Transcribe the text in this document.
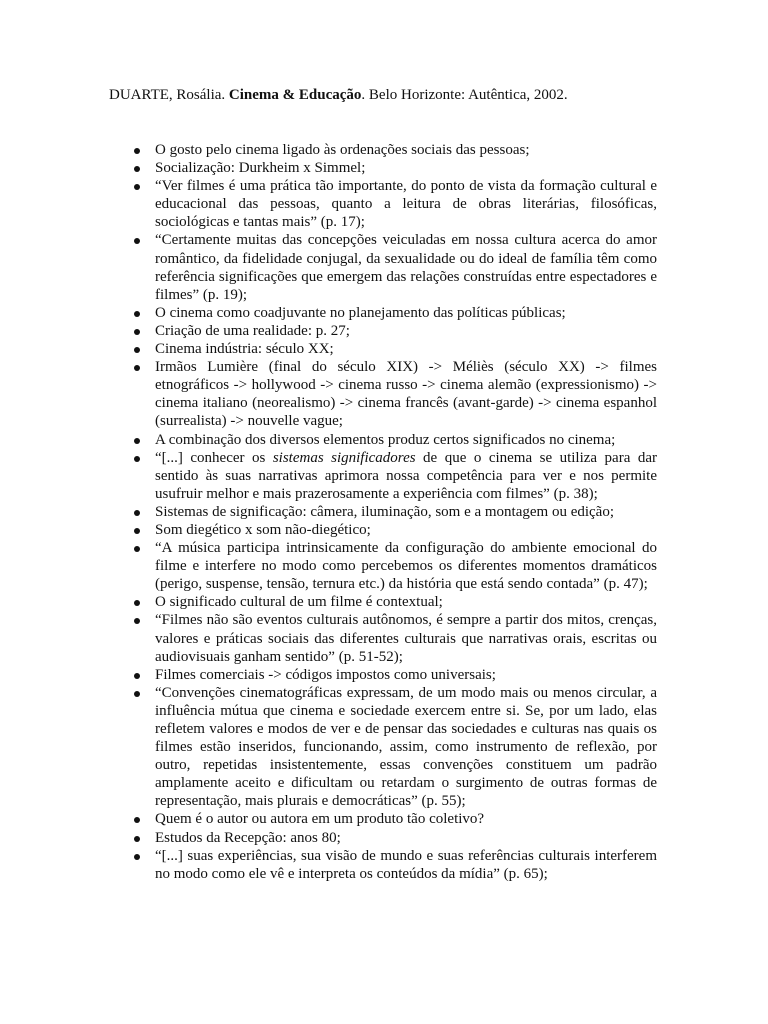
DUARTE, Rosália. Cinema & Educação. Belo Horizonte: Autêntica, 2002.
O gosto pelo cinema ligado às ordenações sociais das pessoas;
Socialização: Durkheim x Simmel;
“Ver filmes é uma prática tão importante, do ponto de vista da formação cultural e educacional das pessoas, quanto a leitura de obras literárias, filosóficas, sociológicas e tantas mais” (p. 17);
“Certamente muitas das concepções veiculadas em nossa cultura acerca do amor romântico, da fidelidade conjugal, da sexualidade ou do ideal de família têm como referência significações que emergem das relações construídas entre espectadores e filmes” (p. 19);
O cinema como coadjuvante no planejamento das políticas públicas;
Criação de uma realidade: p. 27;
Cinema indústria: século XX;
Irmãos Lumière (final do século XIX) -> Méliès (século XX) -> filmes etnográficos -> hollywood -> cinema russo -> cinema alemão (expressionismo) -> cinema italiano (neorealismo) -> cinema francês (avant-garde) -> cinema espanhol (surrealista) -> nouvelle vague;
A combinação dos diversos elementos produz certos significados no cinema;
“[...] conhecer os sistemas significadores de que o cinema se utiliza para dar sentido às suas narrativas aprimora nossa competência para ver e nos permite usufruir melhor e mais prazerosamente a experiência com filmes” (p. 38);
Sistemas de significação: câmera, iluminação, som e a montagem ou edição;
Som diegético x som não-diegético;
“A música participa intrinsicamente da configuração do ambiente emocional do filme e interfere no modo como percebemos os diferentes momentos dramáticos (perigo, suspense, tensão, ternura etc.) da história que está sendo contada” (p. 47);
O significado cultural de um filme é contextual;
“Filmes não são eventos culturais autônomos, é sempre a partir dos mitos, crenças, valores e práticas sociais das diferentes culturais que narrativas orais, escritas ou audiovisuais ganham sentido” (p. 51-52);
Filmes comerciais -> códigos impostos como universais;
“Convenções cinematográficas expressam, de um modo mais ou menos circular, a influência mútua que cinema e sociedade exercem entre si. Se, por um lado, elas refletem valores e modos de ver e de pensar das sociedades e culturas nas quais os filmes estão inseridos, funcionando, assim, como instrumento de reflexão, por outro, repetidas insistentemente, essas convenções constituem um padrão amplamente aceito e dificultam ou retardam o surgimento de outras formas de representação, mais plurais e democráticas” (p. 55);
Quem é o autor ou autora em um produto tão coletivo?
Estudos da Recepção: anos 80;
“[...] suas experiências, sua visão de mundo e suas referências culturais interferem no modo como ele vê e interpreta os conteúdos da mídia” (p. 65);
